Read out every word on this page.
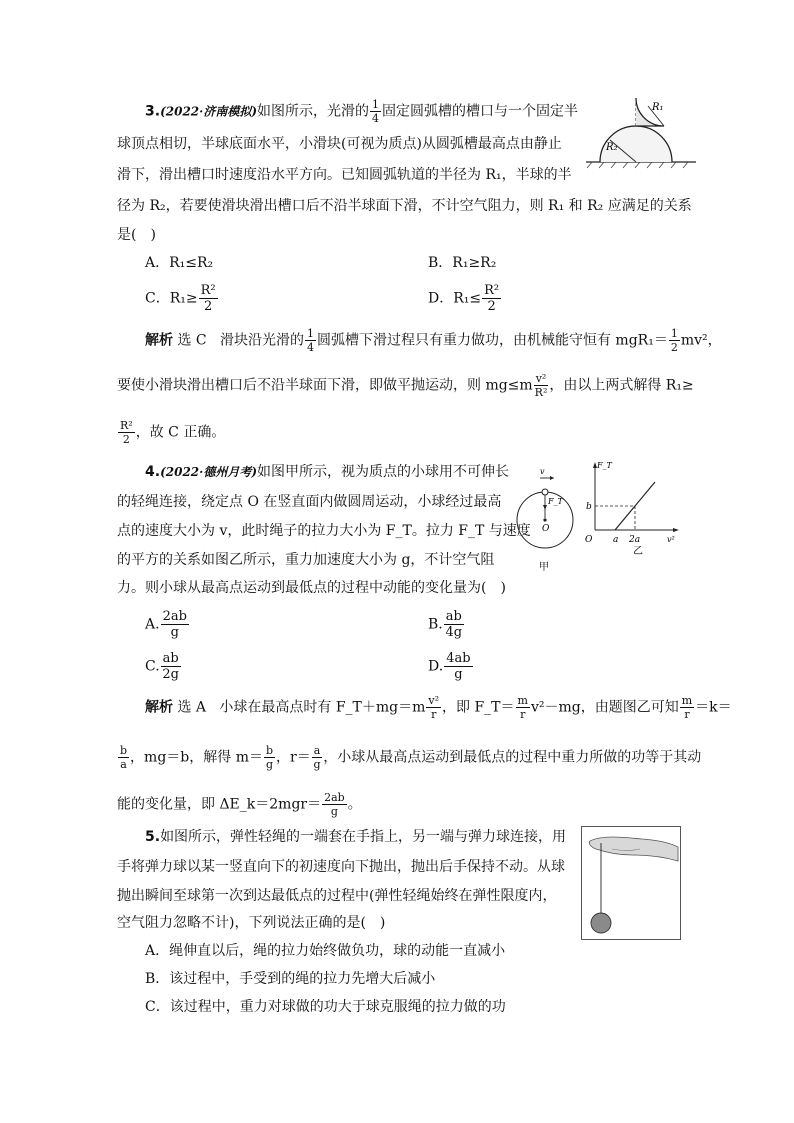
3.(2022·济南模拟)如图所示，光滑的 $\frac{1}{4}$ 固定圆弧槽的槽口与一个固定半
球顶点相切，半球底面水平，小滑块(可视为质点)从圆弧槽最高点由静止
滑下，滑出槽口时速度沿水平方向。已知圆弧轨道的半径为 R₁，半球的半
径为 R₂，若要使滑块滑出槽口后不沿半球面下滑，不计空气阻力，则 R₁ 和 R₂ 应满足的关系
是(　)
A．R₁≤R₂	B．R₁≥R₂
C．$R_1\ge \frac{\text{R²}}{2}$	D．$R_1\le \frac{\text{R²}}{2}$
R₂
R₁
解析 选 C 滑块沿光滑的 $\frac{1}{4}$ 圆弧槽下滑过程只有重力做功，由机械能守恒有 $mgR_1= \frac{1}{2} mv^2$，
要使小滑块滑出槽口后不沿半球面下滑，即做平抛运动，则 $mg\le m \frac{\text{v²}}{\text{R²}}$ ，由以上两式解得 R₁≥
$\frac{\text{R²}}{2}$ ，故 C 正确。
4.(2022·德州月考)如图甲所示，视为质点的小球用不可伸长
的轻绳连接，绕定点 O 在竖直面内做圆周运动，小球经过最高
点的速度大小为 v，此时绳子的拉力大小为 F_T。拉力 F_T 与速度
的平方的关系如图乙所示，重力加速度大小为 g，不计空气阻
力。则小球从最高点运动到最低点的过程中动能的变化量为(　)
A. $\frac{2ab}{g}$	B. $\frac{ab}{4g}$
C. $\frac{ab}{2g}$	D. $\frac{4ab}{g}$
v
F_T
O
甲
F_T
b
O a 2a	v²
乙
解析 选 A 小球在最高点时有 F_T＋mg＝m $\frac{\text{v²}}{r}$ ，即 F_T＝ $\frac{m}{r} v^2-mg$，由题图乙可知 $\frac{m}{r} =k=$
$\frac{b}{a}$ ，mg＝b，解得 $m= \frac{b}{g}$ ，$r= \frac{a}{g}$ ，小球从最高点运动到最低点的过程中重力所做的功等于其动
能的变化量，即 ΔE_k＝2mgr＝ $\frac{2ab}{g}$ 。
5.如图所示，弹性轻绳的一端套在手指上，另一端与弹力球连接，用
手将弹力球以某一竖直向下的初速度向下抛出，抛出后手保持不动。从球
抛出瞬间至球第一次到达最低点的过程中(弹性轻绳始终在弹性限度内，
空气阻力忽略不计)，下列说法正确的是(　)
A．绳伸直以后，绳的拉力始终做负功，球的动能一直减小
B．该过程中，手受到的绳的拉力先增大后减小
C．该过程中，重力对球做的功大于球克服绳的拉力做的功
